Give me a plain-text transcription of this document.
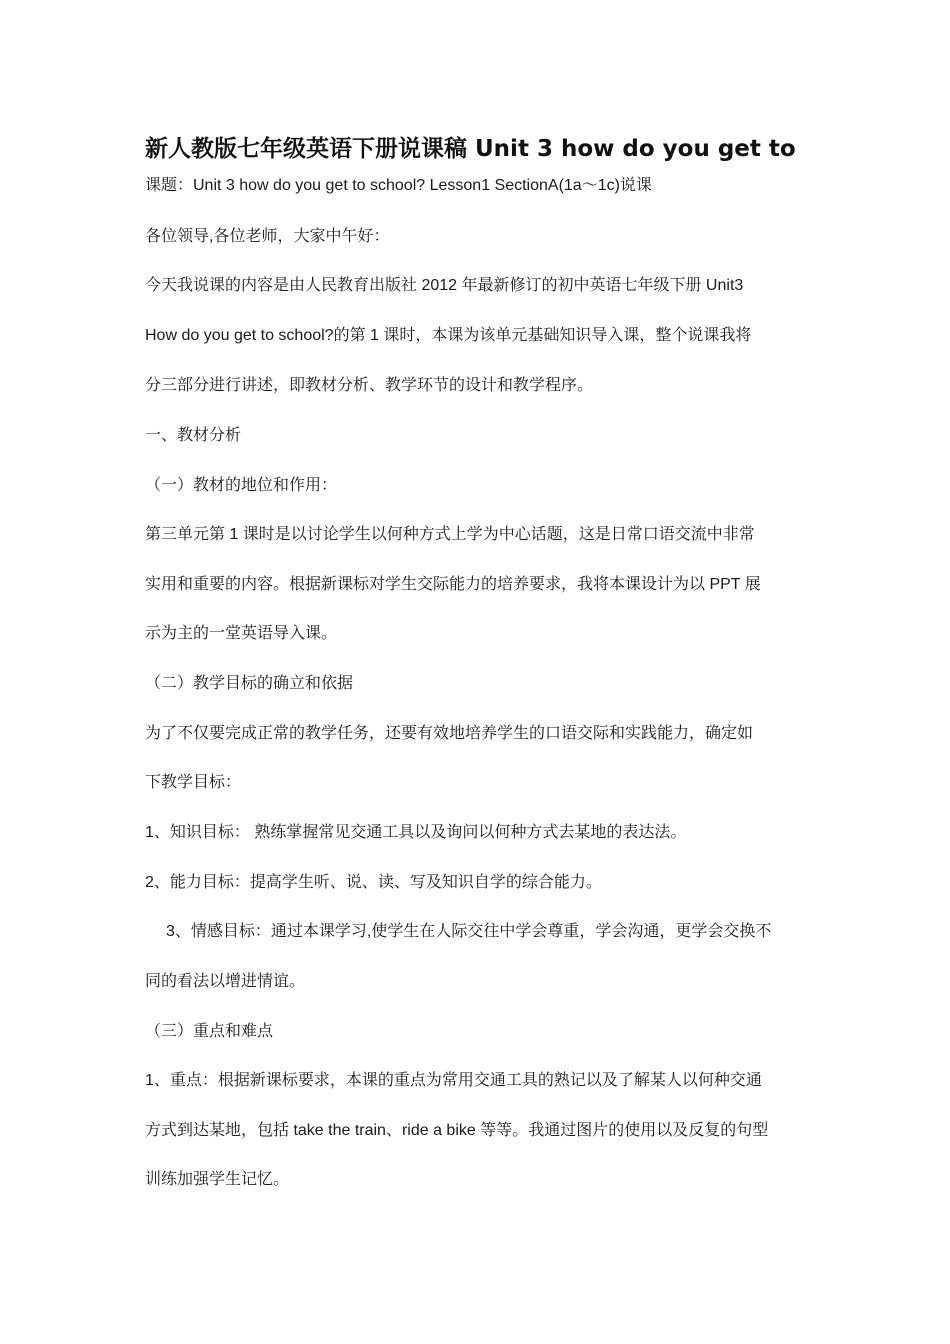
新人教版七年级英语下册说课稿 Unit 3 how do you get to
课题：Unit 3 how do you get to school? Lesson1 SectionA(1a～1c)说课
各位领导,各位老师，大家中午好：
今天我说课的内容是由人民教育出版社 2012 年最新修订的初中英语七年级下册 Unit3
How do you get to school?的第 1 课时，本课为该单元基础知识导入课，整个说课我将
分三部分进行讲述，即教材分析、教学环节的设计和教学程序。
一、教材分析
（一）教材的地位和作用：
第三单元第 1 课时是以讨论学生以何种方式上学为中心话题，这是日常口语交流中非常
实用和重要的内容。根据新课标对学生交际能力的培养要求，我将本课设计为以 PPT 展
示为主的一堂英语导入课。
（二）教学目标的确立和依据
为了不仅要完成正常的教学任务，还要有效地培养学生的口语交际和实践能力，确定如
下教学目标：
1、知识目标： 熟练掌握常见交通工具以及询问以何种方式去某地的表达法。
2、能力目标：提高学生听、说、读、写及知识自学的综合能力。
3、情感目标：通过本课学习,使学生在人际交往中学会尊重，学会沟通，更学会交换不
同的看法以增进情谊。
（三）重点和难点
1、重点：根据新课标要求，本课的重点为常用交通工具的熟记以及了解某人以何种交通
方式到达某地，包括 take the train、ride a bike 等等。我通过图片的使用以及反复的句型
训练加强学生记忆。
